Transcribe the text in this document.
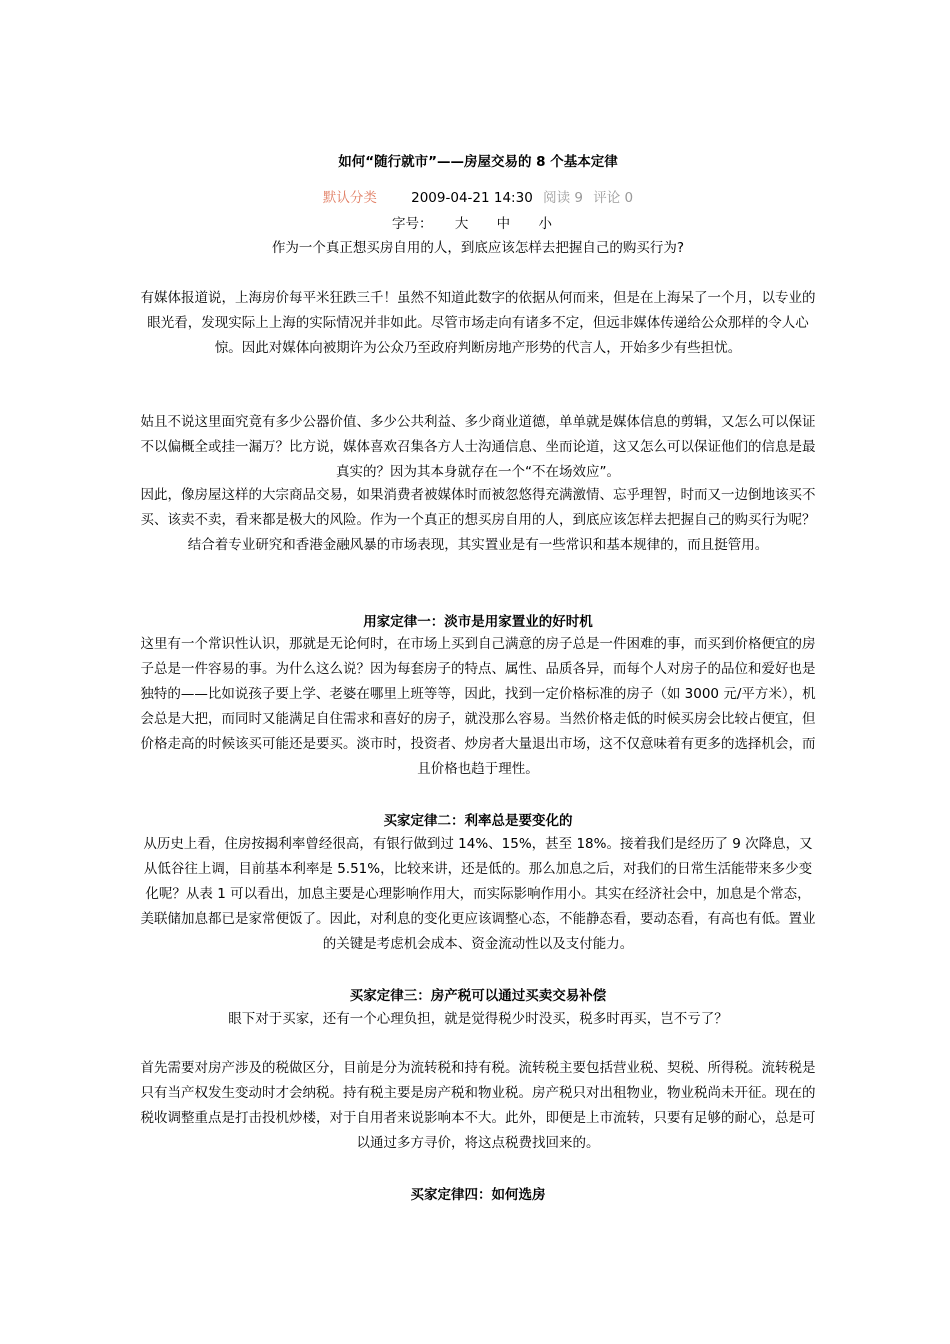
如何“随行就市”——房屋交易的 8 个基本定律
默认分类	2009-04-21 14:30 阅读 9 评论 0
字号： 大 中 小
作为一个真正想买房自用的人，到底应该怎样去把握自己的购买行为?
有媒体报道说，上海房价每平米狂跌三千！虽然不知道此数字的依据从何而来，但是在上海呆了一个月，以专业的眼光看，发现实际上上海的实际情况并非如此。尽管市场走向有诸多不定，但远非媒体传递给公众那样的令人心惊。因此对媒体向被期许为公众乃至政府判断房地产形势的代言人，开始多少有些担忧。
姑且不说这里面究竟有多少公器价值、多少公共利益、多少商业道德，单单就是媒体信息的剪辑，又怎么可以保证不以偏概全或挂一漏万？比方说，媒体喜欢召集各方人士沟通信息、坐而论道，这又怎么可以保证他们的信息是最真实的？因为其本身就存在一个“不在场效应”。
因此，像房屋这样的大宗商品交易，如果消费者被媒体时而被忽悠得充满激情、忘乎理智，时而又一边倒地该买不买、该卖不卖，看来都是极大的风险。作为一个真正的想买房自用的人，到底应该怎样去把握自己的购买行为呢？结合着专业研究和香港金融风暴的市场表现，其实置业是有一些常识和基本规律的，而且挺管用。
用家定律一：淡市是用家置业的好时机
这里有一个常识性认识，那就是无论何时，在市场上买到自己满意的房子总是一件困难的事，而买到价格便宜的房子总是一件容易的事。为什么这么说？因为每套房子的特点、属性、品质各异，而每个人对房子的品位和爱好也是独特的——比如说孩子要上学、老婆在哪里上班等等，因此，找到一定价格标准的房子（如 3000 元/平方米），机会总是大把，而同时又能满足自住需求和喜好的房子，就没那么容易。当然价格走低的时候买房会比较占便宜，但价格走高的时候该买可能还是要买。淡市时，投资者、炒房者大量退出市场，这不仅意味着有更多的选择机会，而且价格也趋于理性。
买家定律二：利率总是要变化的
从历史上看，住房按揭利率曾经很高，有银行做到过 14%、15%，甚至 18%。接着我们是经历了 9 次降息，又从低谷往上调，目前基本利率是 5.51%，比较来讲，还是低的。那么加息之后，对我们的日常生活能带来多少变化呢？从表 1 可以看出，加息主要是心理影响作用大，而实际影响作用小。其实在经济社会中，加息是个常态，美联储加息都已是家常便饭了。因此，对利息的变化更应该调整心态，不能静态看，要动态看，有高也有低。置业的关键是考虑机会成本、资金流动性以及支付能力。
买家定律三：房产税可以通过买卖交易补偿
眼下对于买家，还有一个心理负担，就是觉得税少时没买，税多时再买，岂不亏了？
首先需要对房产涉及的税做区分，目前是分为流转税和持有税。流转税主要包括营业税、契税、所得税。流转税是只有当产权发生变动时才会纳税。持有税主要是房产税和物业税。房产税只对出租物业，物业税尚未开征。现在的税收调整重点是打击投机炒楼，对于自用者来说影响本不大。此外，即便是上市流转，只要有足够的耐心，总是可以通过多方寻价，将这点税费找回来的。
买家定律四：如何选房
